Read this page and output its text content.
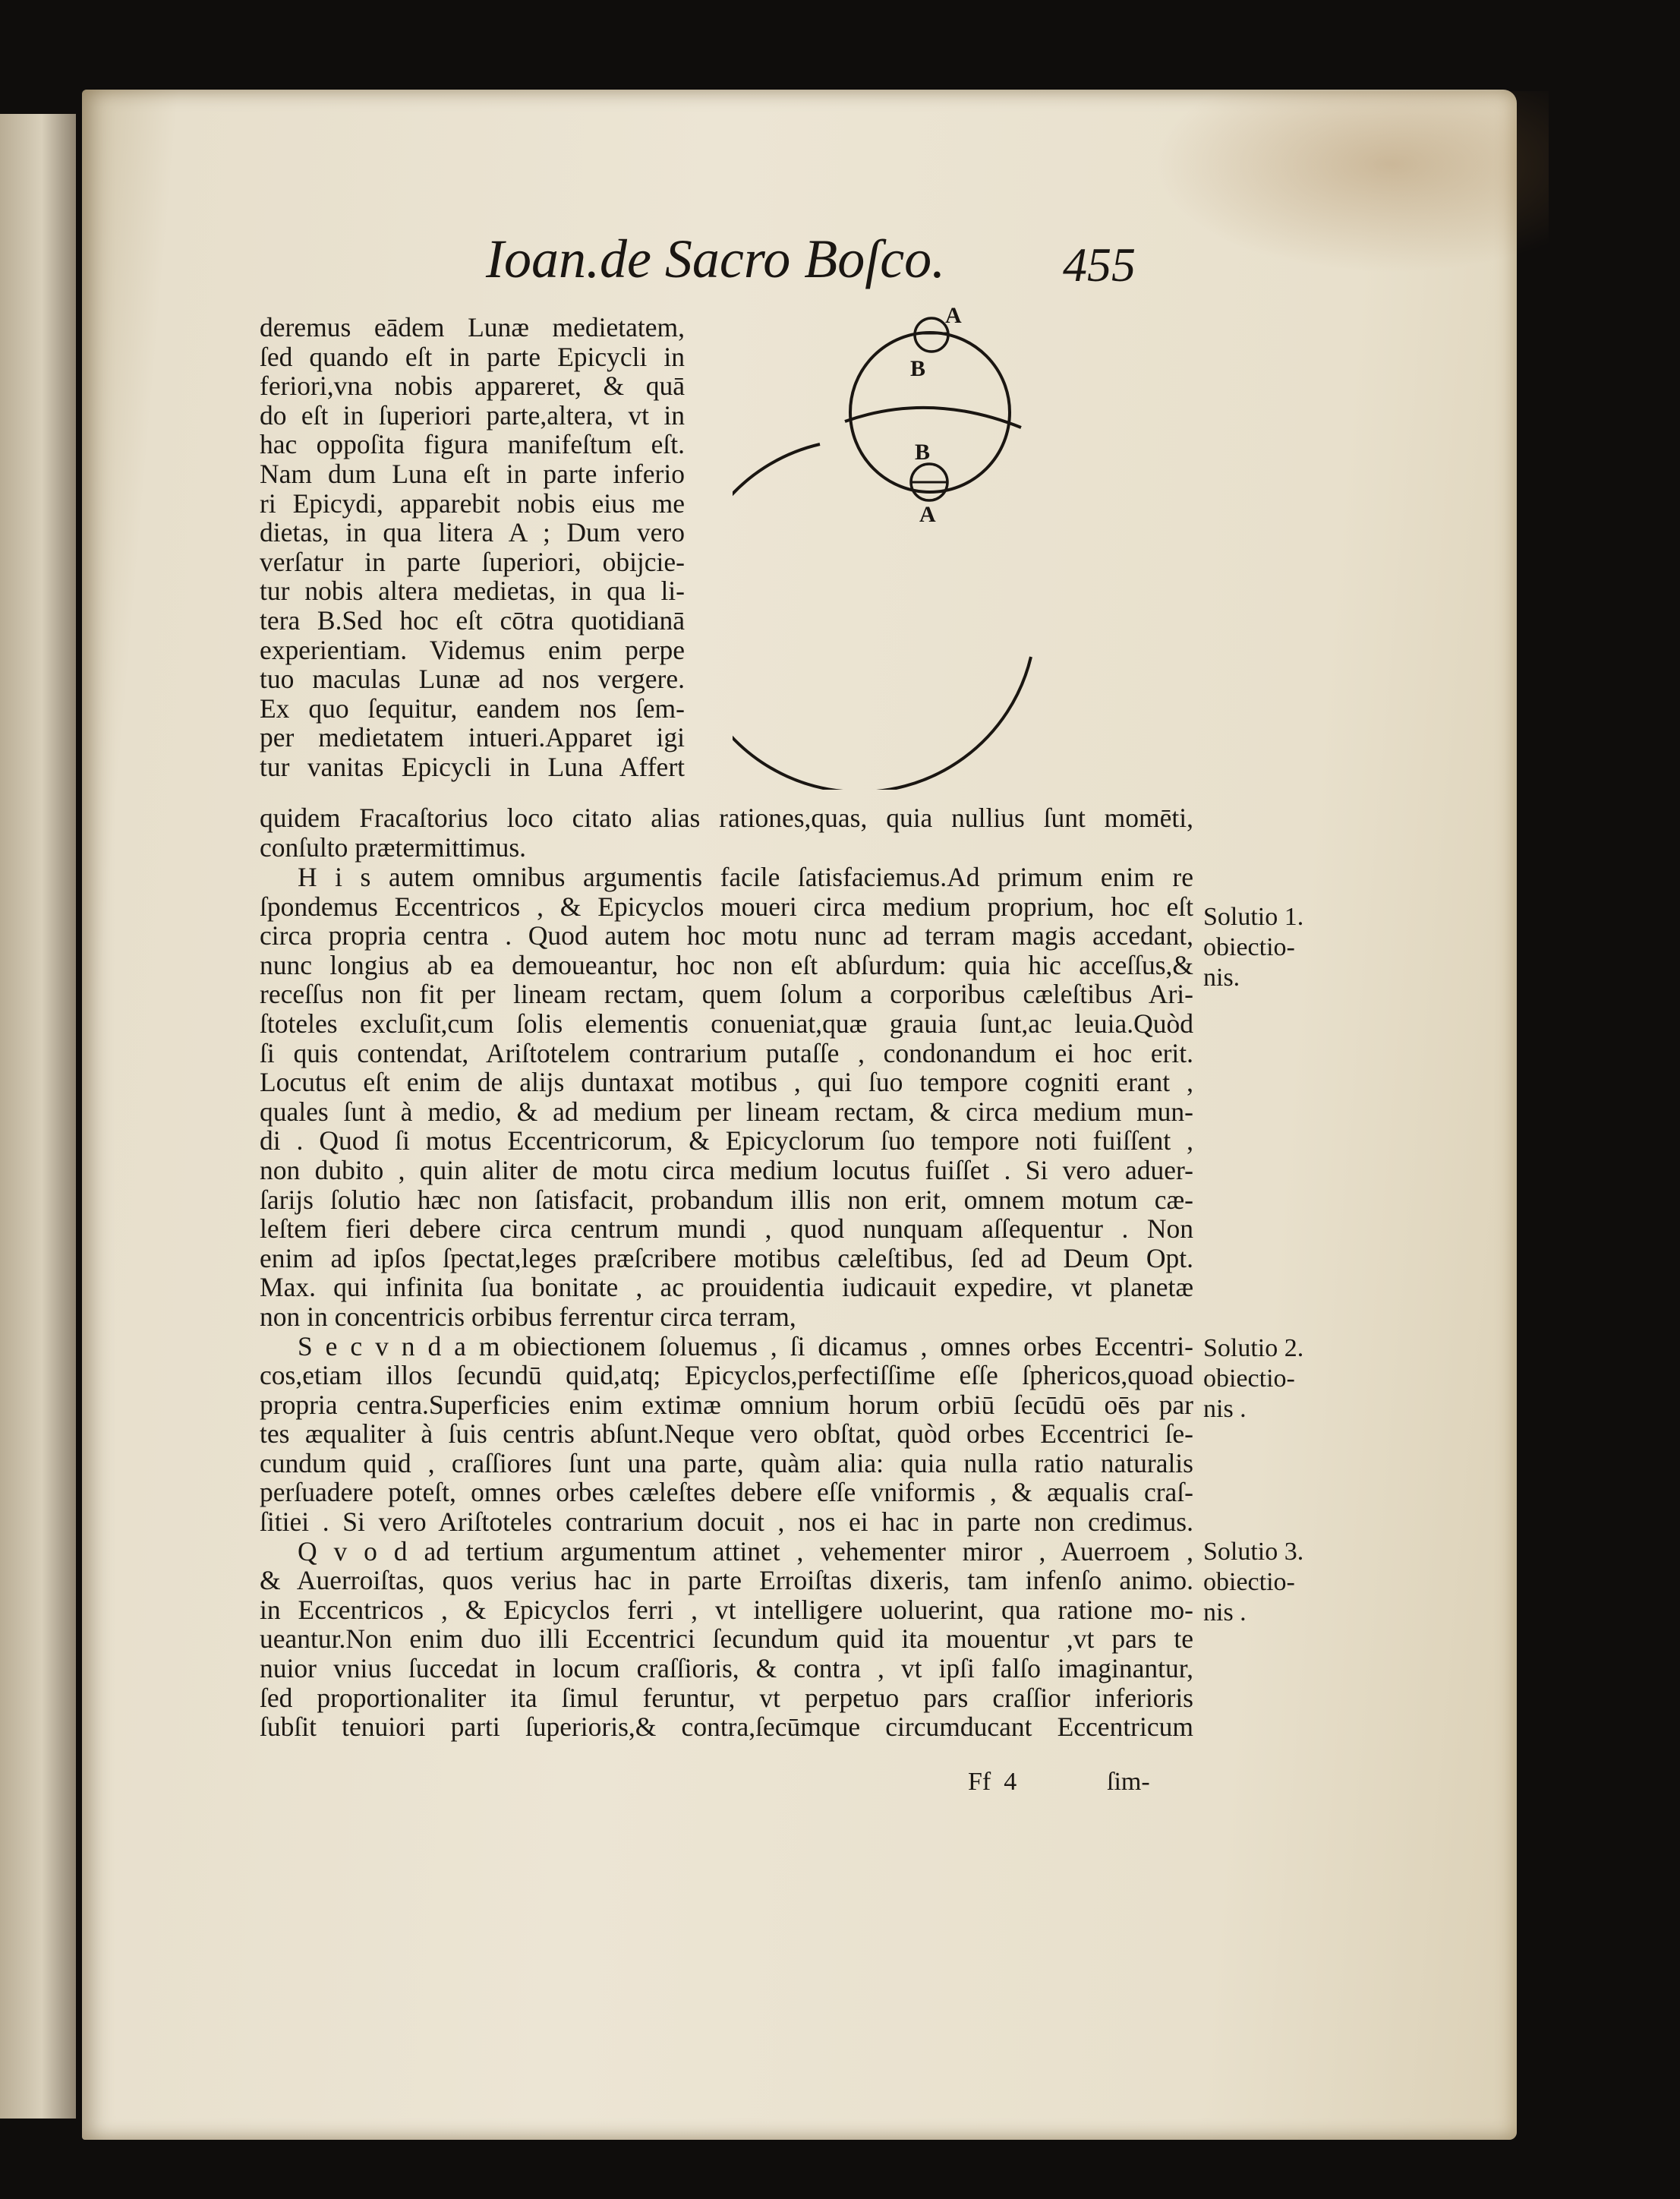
Ioan.de Sacro Boſco. 455
A
B
B
A
deremus eādem Lunæ medietatem,
ſed quando eſt in parte Epicycli in
feriori,vna nobis appareret, & quā
do eſt in ſuperiori parte,altera, vt in
hac oppoſita figura manifeſtum eſt.
Nam dum Luna eſt in parte inferio
ri Epicydi, apparebit nobis eius me
dietas, in qua litera A ; Dum vero
verſatur in parte ſuperiori, obijcie-
tur nobis altera medietas, in qua li-
tera B.Sed hoc eſt cōtra quotidianā
experientiam. Videmus enim perpe
tuo maculas Lunæ ad nos vergere.
Ex quo ſequitur, eandem nos ſem-
per medietatem intueri.Apparet igi
tur vanitas Epicycli in Luna Affert
quidem Fracaſtorius loco citato alias rationes,quas, quia nullius ſunt momēti,
conſulto prætermittimus.
H i s autem omnibus argumentis facile ſatisfaciemus.Ad primum enim re
ſpondemus Eccentricos , & Epicyclos moueri circa medium proprium, hoc eſt
circa propria centra . Quod autem hoc motu nunc ad terram magis accedant,
nunc longius ab ea demoueantur, hoc non eſt abſurdum: quia hic acceſſus,&
receſſus non fit per lineam rectam, quem ſolum a corporibus cæleſtibus Ari-
ſtoteles excluſit,cum ſolis elementis conueniat,quæ grauia ſunt,ac leuia.Quòd
ſi quis contendat, Ariſtotelem contrarium putaſſe , condonandum ei hoc erit.
Locutus eſt enim de alijs duntaxat motibus , qui ſuo tempore cogniti erant ,
quales ſunt à medio, & ad medium per lineam rectam, & circa medium mun-
di . Quod ſi motus Eccentricorum, & Epicyclorum ſuo tempore noti fuiſſent ,
non dubito , quin aliter de motu circa medium locutus fuiſſet . Si vero aduer-
ſarijs ſolutio hæc non ſatisfacit, probandum illis non erit, omnem motum cæ-
leſtem fieri debere circa centrum mundi , quod nunquam aſſequentur . Non
enim ad ipſos ſpectat,leges præſcribere motibus cæleſtibus, ſed ad Deum Opt.
Max. qui infinita ſua bonitate , ac prouidentia iudicauit expedire, vt planetæ
non in concentricis orbibus ferrentur circa terram,
S e c v n d a m obiectionem ſoluemus , ſi dicamus , omnes orbes Eccentri-
cos,etiam illos ſecundū quid,atq; Epicyclos,perfectiſſime eſſe ſphericos,quoad
propria centra.Superficies enim extimæ omnium horum orbiū ſecūdū oēs par
tes æqualiter à ſuis centris abſunt.Neque vero obſtat, quòd orbes Eccentrici ſe-
cundum quid , craſſiores ſunt una parte, quàm alia: quia nulla ratio naturalis
perſuadere poteſt, omnes orbes cæleſtes debere eſſe vniformis , & æqualis craſ-
ſitiei . Si vero Ariſtoteles contrarium docuit , nos ei hac in parte non credimus.
Q v o d ad tertium argumentum attinet , vehementer miror , Auerroem ,
& Auerroiſtas, quos verius hac in parte Erroiſtas dixeris, tam infenſo animo.
in Eccentricos , & Epicyclos ferri , vt intelligere uoluerint, qua ratione mo-
ueantur.Non enim duo illi Eccentrici ſecundum quid ita mouentur ,vt pars te
nuior vnius ſuccedat in locum craſſioris, & contra , vt ipſi falſo imaginantur,
ſed proportionaliter ita ſimul feruntur, vt perpetuo pars craſſior inferioris
ſubſit tenuiori parti ſuperioris,& contra,ſecūmque circumducant Eccentricum
Solutio 1.
obiectio-
nis.
Solutio 2.
obiectio-
nis .
Solutio 3.
obiectio-
nis .
Ff  4	ſim-
